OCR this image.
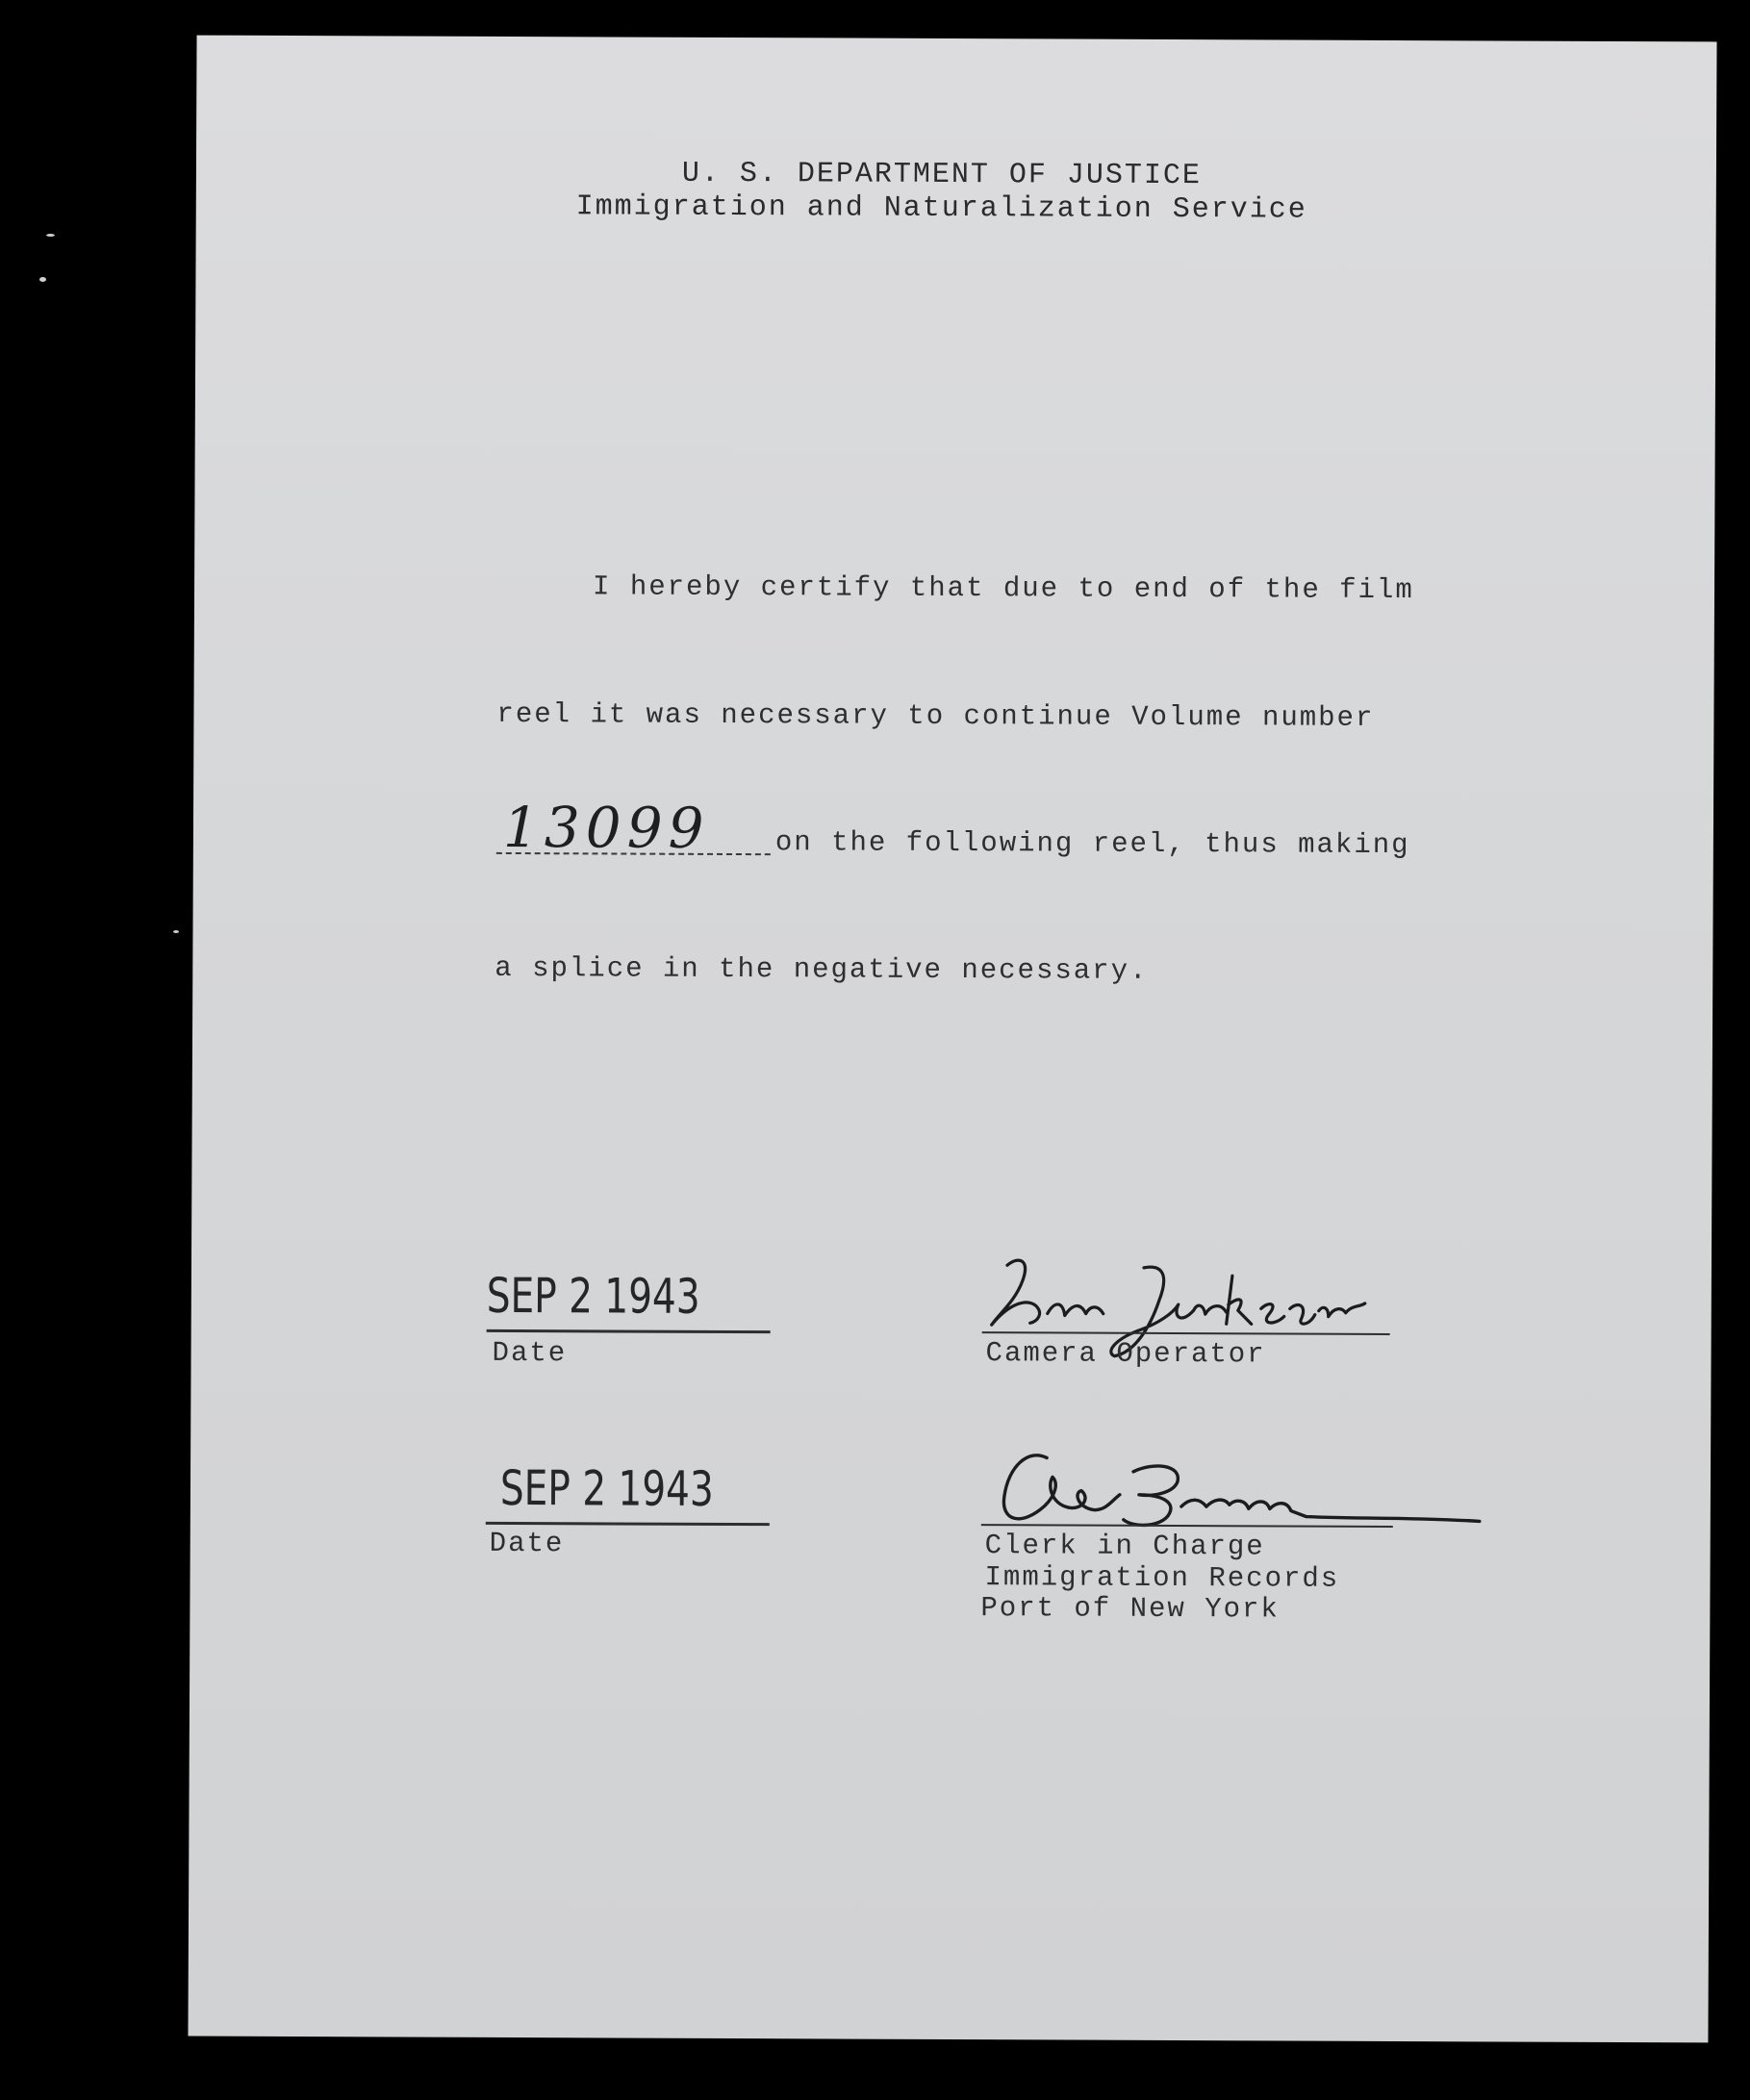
U. S. DEPARTMENT OF JUSTICE
Immigration and Naturalization Service
I hereby certify that due to end of the film
reel it was necessary to continue Volume number
13099 on the following reel, thus making
a splice in the negative necessary.
SEP 2 1943
Date	Camera Operator
SEP 2 1943
Date	Clerk in Charge
Immigration Records
Port of New York
